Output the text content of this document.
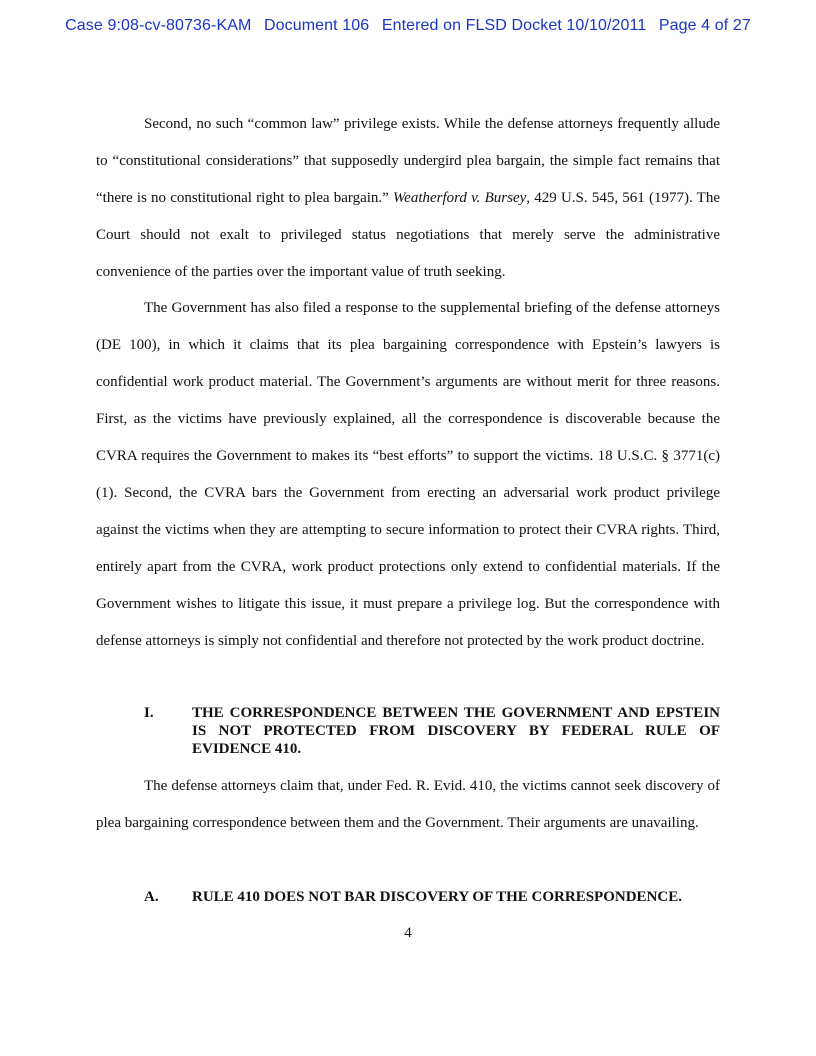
Case 9:08-cv-80736-KAM Document 106 Entered on FLSD Docket 10/10/2011 Page 4 of 27

Second, no such “common law” privilege exists. While the defense attorneys frequently allude to “constitutional considerations” that supposedly undergird plea bargain, the simple fact remains that “there is no constitutional right to plea bargain.” Weatherford v. Bursey, 429 U.S. 545, 561 (1977). The Court should not exalt to privileged status negotiations that merely serve the administrative convenience of the parties over the important value of truth seeking.

The Government has also filed a response to the supplemental briefing of the defense attorneys (DE 100), in which it claims that its plea bargaining correspondence with Epstein’s lawyers is confidential work product material. The Government’s arguments are without merit for three reasons. First, as the victims have previously explained, all the correspondence is discoverable because the CVRA requires the Government to makes its “best efforts” to support the victims. 18 U.S.C. § 3771(c)(1). Second, the CVRA bars the Government from erecting an adversarial work product privilege against the victims when they are attempting to secure information to protect their CVRA rights. Third, entirely apart from the CVRA, work product protections only extend to confidential materials. If the Government wishes to litigate this issue, it must prepare a privilege log. But the correspondence with defense attorneys is simply not confidential and therefore not protected by the work product doctrine.

I.	THE CORRESPONDENCE BETWEEN THE GOVERNMENT AND EPSTEIN IS NOT PROTECTED FROM DISCOVERY BY FEDERAL RULE OF EVIDENCE 410.

The defense attorneys claim that, under Fed. R. Evid. 410, the victims cannot seek discovery of plea bargaining correspondence between them and the Government. Their arguments are unavailing.

A. RULE 410 DOES NOT BAR DISCOVERY OF THE CORRESPONDENCE.
4
